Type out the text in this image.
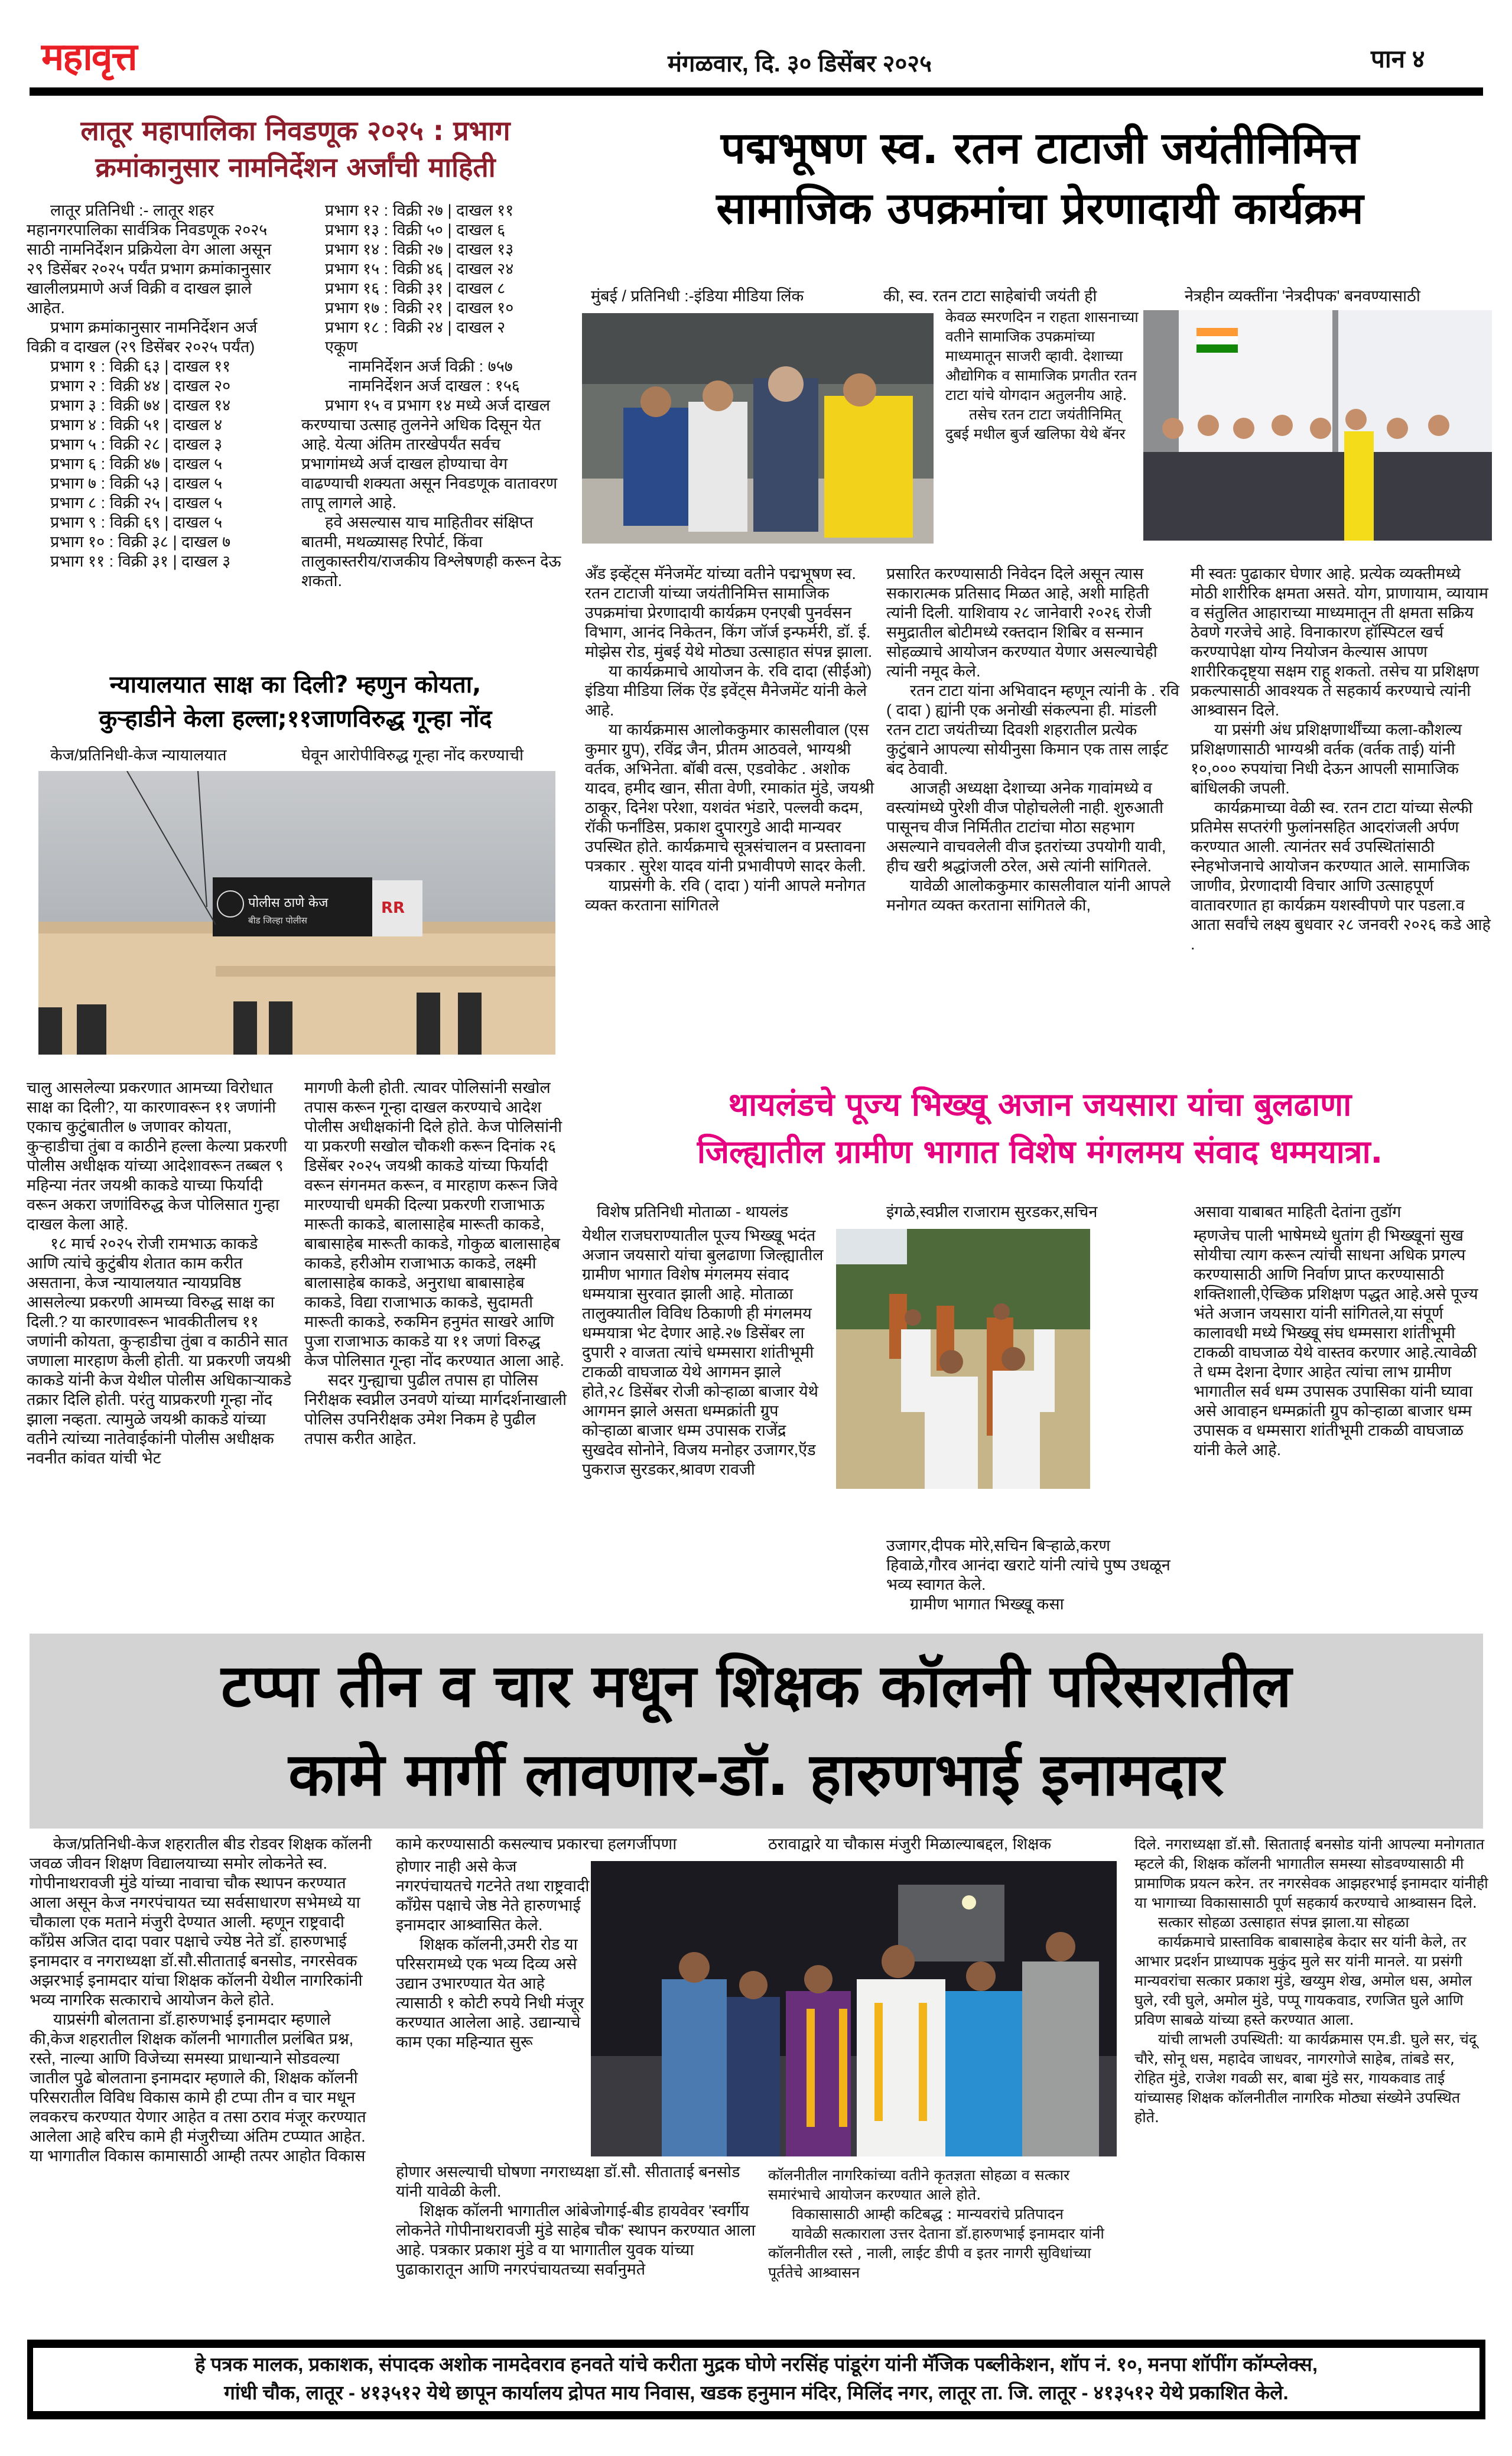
महावृत्त	मंगळवार, दि. ३० डिसेंबर २०२५	पान ४
लातूर महापालिका निवडणूक २०२५ : प्रभाग
क्रमांकानुसार नामनिर्देशन अर्जांची माहिती

लातूर प्रतिनिधी :- लातूर शहर महानगरपालिका सार्वत्रिक निवडणूक २०२५ साठी नामनिर्देशन प्रक्रियेला वेग आला असून २९ डिसेंबर २०२५ पर्यंत प्रभाग क्रमांकानुसार खालीलप्रमाणे अर्ज विक्री व दाखल झाले आहेत.

प्रभाग क्रमांकानुसार नामनिर्देशन अर्ज विक्री व दाखल (२९ डिसेंबर २०२५ पर्यंत)

प्रभाग १ : विक्री ६३ | दाखल ११
प्रभाग २ : विक्री ४४ | दाखल २०
प्रभाग ३ : विक्री ७४ | दाखल १४
प्रभाग ४ : विक्री ५१ | दाखल ४
प्रभाग ५ : विक्री २८ | दाखल ३
प्रभाग ६ : विक्री ४७ | दाखल ५
प्रभाग ७ : विक्री ५३ | दाखल ५
प्रभाग ८ : विक्री २५ | दाखल ५
प्रभाग ९ : विक्री ६९ | दाखल ५
प्रभाग १० : विक्री ३८ | दाखल ७
प्रभाग ११ : विक्री ३१ | दाखल ३
प्रभाग १२ : विक्री २७ | दाखल ११
प्रभाग १३ : विक्री ५० | दाखल ६
प्रभाग १४ : विक्री २७ | दाखल १३
प्रभाग १५ : विक्री ४६ | दाखल २४
प्रभाग १६ : विक्री ३१ | दाखल ८
प्रभाग १७ : विक्री २१ | दाखल १०
प्रभाग १८ : विक्री २४ | दाखल २

एकूण

नामनिर्देशन अर्ज विक्री : ७५७

नामनिर्देशन अर्ज दाखल : १५६

प्रभाग १५ व प्रभाग १४ मध्ये अर्ज दाखल करण्याचा उत्साह तुलनेने अधिक दिसून येत आहे. येत्या अंतिम तारखेपर्यंत सर्वच प्रभागांमध्ये अर्ज दाखल होण्याचा वेग वाढण्याची शक्यता असून निवडणूक वातावरण तापू लागले आहे.

हवे असल्यास याच माहितीवर संक्षिप्त बातमी, मथळ्यासह रिपोर्ट, किंवा तालुकास्तरीय/राजकीय विश्लेषणही करून देऊ शकतो.

न्यायालयात साक्ष का दिली? म्हणुन कोयता,
कुऱ्हाडीने केला हल्ला;११जाणविरुद्ध गून्हा नोंद
केज/प्रतिनिधी-केज न्यायालयात	घेवून आरोपीविरुद्ध गून्हा नोंद करण्याची
RR
पोलीस ठाणे केज
बीड जिल्हा पोलीस

चालु आसलेल्या प्रकरणात आमच्या विरोधात साक्ष का दिली?, या कारणावरून ११ जणांनी एकाच कुटुंबातील ७ जणावर कोयता, कुऱ्हाडीचा तुंबा व काठीने हल्ला केल्या प्रकरणी पोलीस अधीक्षक यांच्या आदेशावरून तब्बल ९ महिन्या नंतर जयश्री काकडे याच्या फिर्यादी वरून अकरा जणांविरुद्ध केज पोलिसात गुन्हा दाखल केला आहे.

१८ मार्च २०२५ रोजी रामभाऊ काकडे आणि त्यांचे कुटुंबीय शेतात काम करीत असताना, केज न्यायालयात न्यायप्रविष्ठ आसलेल्या प्रकरणी आमच्या विरुद्ध साक्ष का दिली.? या कारणावरून भावकीतीलच ११ जणांनी कोयता, कुऱ्हाडीचा तुंबा व काठीने सात जणाला मारहाण केली होती. या प्रकरणी जयश्री काकडे यांनी केज येथील पोलीस अधिकाऱ्याकडे तक्रार दिलि होती. परंतु याप्रकरणी गून्हा नोंद झाला नव्हता. त्यामुळे जयश्री काकडे यांच्या वतीने त्यांच्या नातेवाईकांनी पोलीस अधीक्षक नवनीत कांवत यांची भेट

मागणी केली होती. त्यावर पोलिसांनी सखोल तपास करून गून्हा दाखल करण्याचे आदेश पोलीस अधीक्षकांनी दिले होते. केज पोलिसांनी या प्रकरणी सखोल चौकशी करून दिनांक २६ डिसेंबर २०२५ जयश्री काकडे यांच्या फिर्यादी वरून संगनमत करून, व मारहाण करून जिवे मारण्याची धमकी दिल्या प्रकरणी राजाभाऊ मारूती काकडे, बालासाहेब मारूती काकडे, बाबासाहेब मारूती काकडे, गोकुळ बालासाहेब काकडे, हरीओम राजाभाऊ काकडे, लक्ष्मी बालासाहेब काकडे, अनुराधा बाबासाहेब काकडे, विद्या राजाभाऊ काकडे, सुदामती मारूती काकडे, रुकमिन हनुमंत साखरे आणि पुजा राजाभाऊ काकडे या ११ जणां विरुद्ध केज पोलिसात गून्हा नोंद करण्यात आला आहे.

सदर गुन्ह्याचा पुढील तपास हा पोलिस निरीक्षक स्वप्नील उनवणे यांच्या मार्गदर्शनाखाली पोलिस उपनिरीक्षक उमेश निकम हे पुढील तपास करीत आहेत.

पद्मभूषण स्व. रतन टाटाजी जयंतीनिमित्त
सामाजिक उपक्रमांचा प्रेरणादायी कार्यक्रम
मुंबई / प्रतिनिधी :-इंडिया मीडिया लिंक	की, स्व. रतन टाटा साहेबांची जयंती ही	नेत्रहीन व्यक्तींना 'नेत्रदीपक' बनवण्यासाठी

केवळ स्मरणदिन न राहता शासनाच्या वतीने सामाजिक उपक्रमांच्या माध्यमातून साजरी व्हावी. देशाच्या औद्योगिक व सामाजिक प्रगतीत रतन टाटा यांचे योगदान अतुलनीय आहे.

तसेच रतन टाटा जयंतीनिमित् दुबई मधील बुर्ज खलिफा येथे बॅनर

अँड इव्हेंट्स मॅनेजमेंट यांच्या वतीने पद्मभूषण स्व. रतन टाटाजी यांच्या जयंतीनिमित्त सामाजिक उपक्रमांचा प्रेरणादायी कार्यक्रम एनएबी पुनर्वसन विभाग, आनंद निकेतन, किंग जॉर्ज इन्फर्मरी, डॉ. ई. मोझेस रोड, मुंबई येथे मोठ्या उत्साहात संपन्न झाला.

या कार्यक्रमाचे आयोजन के. रवि दादा (सीईओ) इंडिया मीडिया लिंक ऐंड इवेंट्स मैनेजमेंट यांनी केले आहे.

या कार्यक्रमास आलोककुमार कासलीवाल (एस कुमार ग्रुप), रविंद्र जैन, प्रीतम आठवले, भाग्यश्री वर्तक, अभिनेता. बॉबी वत्स, एडवोकेट . अशोक यादव, हमीद खान, सीता वेणी, रमाकांत मुंडे, जयश्री ठाकूर, दिनेश परेशा, यशवंत भंडारे, पल्लवी कदम, रॉकी फर्नांडिस, प्रकाश दुपारगुडे आदी मान्यवर उपस्थित होते. कार्यक्रमाचे सूत्रसंचालन व प्रस्तावना पत्रकार . सुरेश यादव यांनी प्रभावीपणे सादर केली.

याप्रसंगी के. रवि ( दादा ) यांनी आपले मनोगत व्यक्त करताना सांगितले

प्रसारित करण्यासाठी निवेदन दिले असून त्यास सकारात्मक प्रतिसाद मिळत आहे, अशी माहिती त्यांनी दिली. याशिवाय २८ जानेवारी २०२६ रोजी समुद्रातील बोटीमध्ये रक्तदान शिबिर व सन्मान सोहळ्याचे आयोजन करण्यात येणार असल्याचेही त्यांनी नमूद केले.

रतन टाटा यांना अभिवादन म्हणून त्यांनी के . रवि ( दादा ) ह्यांनी एक अनोखी संकल्पना ही. मांडली रतन टाटा जयंतीच्या दिवशी शहरातील प्रत्येक कुटुंबाने आपल्या सोयीनुसा किमान एक तास लाईट बंद ठेवावी.

आजही अध्यक्षा देशाच्या अनेक गावांमध्ये व वस्त्यांमध्ये पुरेशी वीज पोहोचलेली नाही. शुरुआती पासूनच वीज निर्मितीत टाटांचा मोठा सहभाग असल्याने वाचवलेली वीज इतरांच्या उपयोगी यावी, हीच खरी श्रद्धांजली ठरेल, असे त्यांनी सांगितले.

यावेळी आलोककुमार कासलीवाल यांनी आपले मनोगत व्यक्त करताना सांगितले की,

मी स्वतः पुढाकार घेणार आहे. प्रत्येक व्यक्तीमध्ये मोठी शारीरिक क्षमता असते. योग, प्राणायाम, व्यायाम व संतुलित आहाराच्या माध्यमातून ती क्षमता सक्रिय ठेवणे गरजेचे आहे. विनाकारण हॉस्पिटल खर्च करण्यापेक्षा योग्य नियोजन केल्यास आपण शारीरिकदृष्ट्या सक्षम राहू शकतो. तसेच या प्रशिक्षण प्रकल्पासाठी आवश्यक ते सहकार्य करण्याचे त्यांनी आश्र्वासन दिले.

या प्रसंगी अंध प्रशिक्षणार्थींच्या कला-कौशल्य प्रशिक्षणासाठी भाग्यश्री वर्तक (वर्तक ताई) यांनी १०,००० रुपयांचा निधी देऊन आपली सामाजिक बांधिलकी जपली.

कार्यक्रमाच्या वेळी स्व. रतन टाटा यांच्या सेल्फी प्रतिमेस सप्तरंगी फुलांनसहित आदरांजली अर्पण करण्यात आली. त्यानंतर सर्व उपस्थितांसाठी स्नेहभोजनाचे आयोजन करण्यात आले. सामाजिक जाणीव, प्रेरणादायी विचार आणि उत्साहपूर्ण वातावरणात हा कार्यक्रम यशस्वीपणे पार पडला.व आता सर्वांचे लक्ष्य बुधवार २८ जनवरी २०२६ कडे आहे .

थायलंडचे पूज्य भिख्खू अजान जयसारा यांचा बुलढाणा
जिल्ह्यातील ग्रामीण भागात विशेष मंगलमय संवाद धम्मयात्रा.
विशेष प्रतिनिधी मोताळा - थायलंड	इंगळे,स्वप्नील राजाराम सुरडकर,सचिन	असावा याबाबत माहिती देतांना तुडॉग

येथील राजघराण्यातील पूज्य भिख्खू भदंत अजान जयसारो यांचा बुलढाणा जिल्ह्यातील ग्रामीण भागात विशेष मंगलमय संवाद धम्मयात्रा सुरवात झाली आहे. मोताळा तालुक्यातील विविध ठिकाणी ही मंगलमय धम्मयात्रा भेट देणार आहे.२७ डिसेंबर ला दुपारी २ वाजता त्यांचे धम्मसारा शांतीभूमी टाकळी वाघजाळ येथे आगमन झाले होते,२८ डिसेंबर रोजी कोऱ्हाळा बाजार येथे आगमन झाले असता धम्मक्रांती ग्रुप कोऱ्हाळा बाजार धम्म उपासक राजेंद्र सुखदेव सोनोने, विजय मनोहर उजागर,ऍड पुकराज सुरडकर,श्रावण रावजी

उजागर,दीपक मोरे,सचिन बिऱ्हाळे,करण हिवाळे,गौरव आनंदा खराटे यांनी त्यांचे पुष्प उधळून भव्य स्वागत केले.

ग्रामीण भागात भिख्खू कसा

म्हणजेच पाली भाषेमध्ये धुतांग ही भिख्खूनां सुख सोयीचा त्याग करून त्यांची साधना अधिक प्रगल्प करण्यासाठी आणि निर्वाण प्राप्त करण्यासाठी शक्तिशाली,ऐच्छिक प्रशिक्षण पद्धत आहे.असे पूज्य भंते अजान जयसारा यांनी सांगितले,या संपूर्ण कालावधी मध्ये भिख्खू संघ धम्मसारा शांतीभूमी टाकळी वाघजाळ येथे वास्तव करणार आहे.त्यावेळी ते धम्म देशना देणार आहेत त्यांचा लाभ ग्रामीण भागातील सर्व धम्म उपासक उपासिका यांनी घ्यावा असे आवाहन धम्मक्रांती ग्रुप कोऱ्हाळा बाजार धम्म उपासक व धम्मसारा शांतीभूमी टाकळी वाघजाळ यांनी केले आहे.

टप्पा तीन व चार मधून शिक्षक कॉलनी परिसरातील
कामे मार्गी लावणार-डॉ. हारुणभाई इनामदार

केज/प्रतिनिधी-केज शहरातील बीड रोडवर शिक्षक कॉलनी जवळ जीवन शिक्षण विद्यालयाच्या समोर लोकनेते स्व. गोपीनाथरावजी मुंडे यांच्या नावाचा चौक स्थापन करण्यात आला असून केज नगरपंचायत च्या सर्वसाधारण सभेमध्ये या चौकाला एक मताने मंजुरी देण्यात आली. म्हणून राष्ट्रवादी कॉंग्रेस अजित दादा पवार पक्षाचे ज्येष्ठ नेते डॉ. हारुणभाई इनामदार व नगराध्यक्षा डॉ.सौ.सीताताई बनसोड, नगरसेवक अझरभाई इनामदार यांचा शिक्षक कॉलनी येथील नागरिकांनी भव्य नागरिक सत्काराचे आयोजन केले होते.

याप्रसंगी बोलताना डॉ.हारुणभाई इनामदार म्हणाले की,केज शहरातील शिक्षक कॉलनी भागातील प्रलंबित प्रश्न, रस्ते, नाल्या आणि विजेच्या समस्या प्राधान्याने सोडवल्या जातील पुढे बोलताना इनामदार म्हणाले की, शिक्षक कॉलनी परिसरातील विविध विकास कामे ही टप्पा तीन व चार मधून लवकरच करण्यात येणार आहेत व तसा ठराव मंजूर करण्यात आलेला आहे बरिच कामे ही मंजुरीच्या अंतिम टप्प्यात आहेत. या भागातील विकास कामासाठी आम्ही तत्पर आहोत विकास

कामे करण्यासाठी कसल्याच प्रकारचा हलगर्जीपणा	ठरावाद्वारे या चौकास मंजुरी मिळाल्याबद्दल, शिक्षक

होणार नाही असे केज नगरपंचायतचे गटनेते तथा राष्ट्रवादी कॉंग्रेस पक्षाचे जेष्ठ नेते हारुणभाई इनामदार आश्र्वासित केले.

शिक्षक कॉलनी,उमरी रोड या परिसरामध्ये एक भव्य दिव्य असे उद्यान उभारण्यात येत आहे त्यासाठी १ कोटी रुपये निधी मंजूर करण्यात आलेला आहे. उद्यान्याचे काम एका महिन्यात सुरू

होणार असल्याची घोषणा नगराध्यक्षा डॉ.सौ. सीताताई बनसोड यांनी यावेळी केली.

शिक्षक कॉलनी भागातील आंबेजोगाई-बीड हायवेवर 'स्वर्गीय लोकनेते गोपीनाथरावजी मुंडे साहेब चौक' स्थापन करण्यात आला आहे. पत्रकार प्रकाश मुंडे व या भागातील युवक यांच्या पुढाकारातून आणि नगरपंचायतच्या सर्वानुमते

कॉलनीतील नागरिकांच्या वतीने कृतज्ञता सोहळा व सत्कार समारंभाचे आयोजन करण्यात आले होते.

विकासासाठी आम्ही कटिबद्ध : मान्यवरांचे प्रतिपादन

यावेळी सत्काराला उत्तर देताना डॉ.हारुणभाई इनामदार यांनी कॉलनीतील रस्ते , नाली, लाईट डीपी व इतर नागरी सुविधांच्या पूर्ततेचे आश्र्वासन

दिले. नगराध्यक्षा डॉ.सौ. सिताताई बनसोड यांनी आपल्या मनोगतात म्हटले की, शिक्षक कॉलनी भागातील समस्या सोडवण्यासाठी मी प्रामाणिक प्रयत्न करेन. तर नगरसेवक आझहरभाई इनामदार यांनीही या भागाच्या विकासासाठी पूर्ण सहकार्य करण्याचे आश्र्वासन दिले.

सत्कार सोहळा उत्साहात संपन्न झाला.या सोहळा

कार्यक्रमाचे प्रास्ताविक बाबासाहेब केदार सर यांनी केले, तर आभार प्रदर्शन प्राध्यापक मुकुंद मुले सर यांनी मानले. या प्रसंगी मान्यवरांचा सत्कार प्रकाश मुंडे, खय्युम शेख, अमोल धस, अमोल घुले, रवी घुले, अमोल मुंडे, पप्पू गायकवाड, रणजित घुले आणि प्रविण साबळे यांच्या हस्ते करण्यात आला.

यांची लाभली उपस्थिती: या कार्यक्रमास एम.डी. घुले सर, चंदू चौरे, सोनू धस, महादेव जाधवर, नागरगोजे साहेब, तांबडे सर, रोहित मुंडे, राजेश गवळी सर, बाबा मुंडे सर, गायकवाड ताई यांच्यासह शिक्षक कॉलनीतील नागरिक मोठ्या संख्येने उपस्थित होते.

हे पत्रक मालक, प्रकाशक, संपादक अशोक नामदेवराव हनवते यांचे करीता मुद्रक घोणे नरसिंह पांडूरंग यांनी मॅजिक पब्लीकेशन, शॉप नं. १०, मनपा शॉपींग कॉम्प्लेक्स,
गांधी चौक, लातूर - ४१३५१२ येथे छापून कार्यालय द्रोपत माय निवास, खडक हनुमान मंदिर, मिलिंद नगर, लातूर ता. जि. लातूर - ४१३५१२ येथे प्रकाशित केले.
